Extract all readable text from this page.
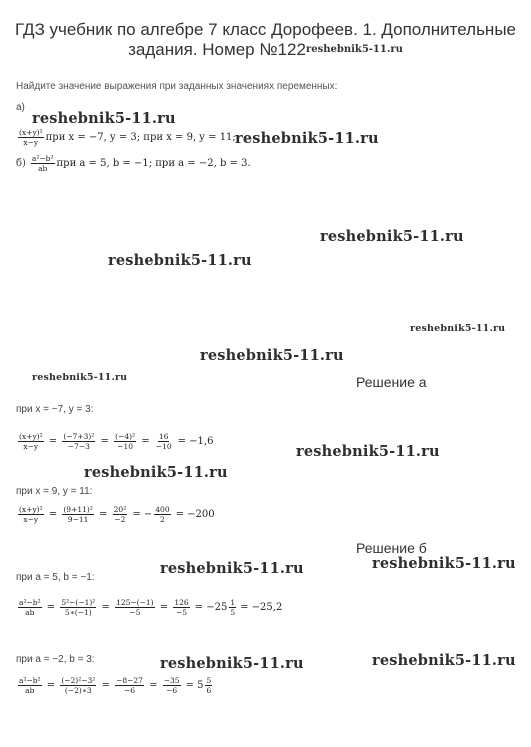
ГДЗ учебник по алгебре 7 класс Дорофеев. 1. Дополнительные
задания. Номер $№122^{reshebnik5-11.ru}$
Найдите значение выражения при заданных значениях переменных:
а)
reshebnik5-11.ru
$\frac{\text{(x+y)²}}{x-y}$ при x = −7, y = 3; при x = 9, y = 11; reshebnik5-11.ru
$б) \frac{\text{a²−b²}}{ab}$ при a = 5, b = −1; при a = −2, b = 3.
reshebnik5-11.ru
reshebnik5-11.ru
reshebnik5-11.ru
reshebnik5-11.ru
reshebnik5-11.ru	Решение а
при x = −7, y = 3:
$\frac{\text{(x+y)²}}{x-y} = \frac{\text{(−7+3)²}}{-7-3} = \frac{\text{(−4)²}}{-10} = \frac{16}{-10} = -1,6$
reshebnik5-11.ru
reshebnik5-11.ru
при x = 9, y = 11:
$\frac{\text{(x+y)²}}{x-y} = \frac{\text{(9+11)²}}{9-11} = \frac{\text{20²}}{-2}$ = − $\frac{400}{2} = -200$
Решение б
reshebnik5-11.ru
reshebnik5-11.ru
при a = 5, b = −1:
$\frac{\text{a²−b²}}{ab} = \frac{\text{5²−(−1)²}}{5∗(-1)} = \frac{125-(-1)}{-5} = \frac{126}{-5} = -25 \frac{1}{5} = -25,2$
при a = −2, b = 3:	reshebnik5-11.ru	reshebnik5-11.ru
$\frac{\text{a²−b²}}{ab} = \frac{\text{(−2)²−3²}}{(-2)∗3} = \frac{-8-27}{-6} = \frac{-35}{-6} = 5 \frac{5}{6}$
